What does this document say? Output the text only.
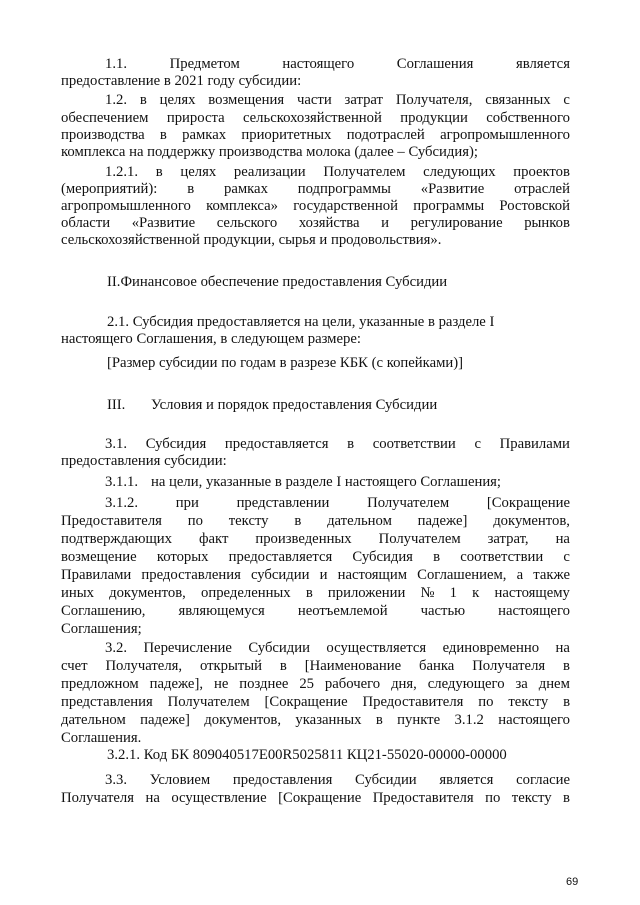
1.1.	Предметом	настоящего	Соглашения	является
предоставление в 2021 году субсидии:
1.2. в целях возмещения части затрат Получателя, связанных с
обеспечением прироста сельскохозяйственной продукции собственного
производства в рамках приоритетных подотраслей агропромышленного
комплекса на поддержку производства молока (далее – Субсидия);
1.2.1. в целях реализации Получателем следующих проектов
(мероприятий): в рамках подпрограммы «Развитие отраслей
агропромышленного комплекса» государственной программы Ростовской
области «Развитие сельского хозяйства и регулирование рынков
сельскохозяйственной продукции, сырья и продовольствия».
II.Финансовое обеспечение предоставления Субсидии
2.1. Субсидия предоставляется на цели, указанные в разделе I
настоящего Соглашения, в следующем размере:
[Размер субсидии по годам в разрезе КБК (с копейками)]
III.	Условия и порядок предоставления Субсидии
3.1. Субсидия предоставляется в соответствии с Правилами
предоставления субсидии:
3.1.1. на цели, указанные в разделе I настоящего Соглашения;
3.1.2.	при	представлении	Получателем	[Сокращение
Предоставителя по тексту в дательном падеже] документов,
подтверждающих факт произведенных Получателем затрат, на
возмещение которых предоставляется Субсидия в соответствии с
Правилами предоставления субсидии и настоящим Соглашением, а также
иных документов, определенных в приложении № 1 к настоящему
Соглашению, являющемуся неотъемлемой частью настоящего
Соглашения;
3.2. Перечисление Субсидии осуществляется единовременно на
счет Получателя, открытый в [Наименование банка Получателя в
предложном падеже], не позднее 25 рабочего дня, следующего за днем
представления Получателем [Сокращение Предоставителя по тексту в
дательном падеже] документов, указанных в пункте 3.1.2 настоящего
Соглашения.
3.2.1. Код БК 809040517Е00R5025811 КЦ21-55020-00000-00000
3.3. Условием предоставления Субсидии является согласие
Получателя на осуществление [Сокращение Предоставителя по тексту в
69
